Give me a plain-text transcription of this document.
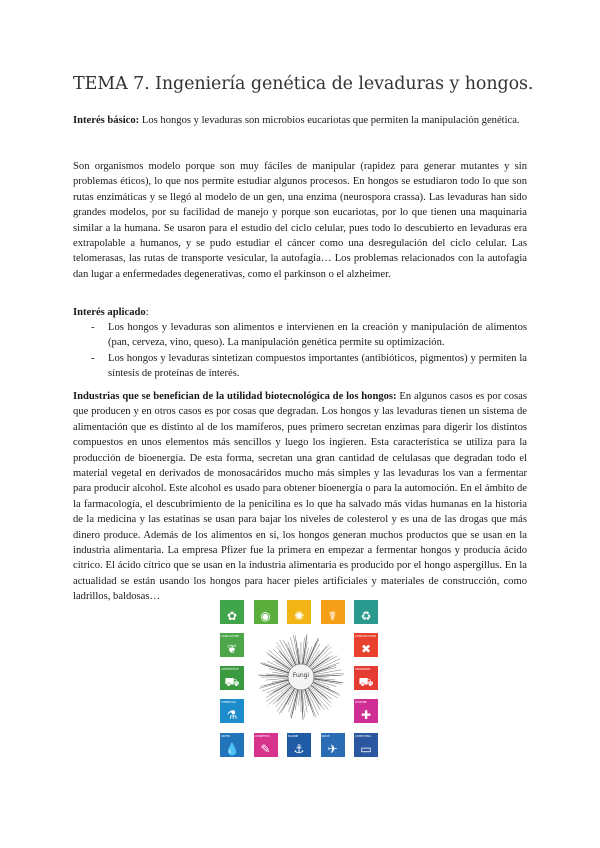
TEMA 7. Ingeniería genética de levaduras y hongos.

Interés básico: Los hongos y levaduras son microbios eucariotas que permiten la manipulación genética.

Son organismos modelo porque son muy fáciles de manipular (rapidez para generar mutantes y sin problemas éticos), lo que nos permite estudiar algunos procesos. En hongos se estudiaron todo lo que son rutas enzimáticas y se llegó al modelo de un gen, una enzima (neurospora crassa). Las levaduras han sido grandes modelos, por su facilidad de manejo y porque son eucariotas, por lo que tienen una maquinaria similar a la humana. Se usaron para el estudio del ciclo celular, pues todo lo descubierto en levaduras era extrapolable a humanos, y se pudo estudiar el cáncer como una desregulación del ciclo celular. Las telomerasas, las rutas de transporte vesicular, la autofagia… Los problemas relacionados con la autofagia dan lugar a enfermedades degenerativas, como el parkinson o el alzheimer.

Interés aplicado:

- Los hongos y levaduras son alimentos e intervienen en la creación y manipulación de alimentos (pan, cerveza, vino, queso). La manipulación genética permite su optimización.
- Los hongos y levaduras sintetizan compuestos importantes (antibióticos, pigmentos) y permiten la síntesis de proteínas de interés.

Industrias que se benefician de la utilidad biotecnológica de los hongos: En algunos casos es por cosas que producen y en otros casos es por cosas que degradan. Los hongos y las levaduras tienen un sistema de alimentación que es distinto al de los mamíferos, pues primero secretan enzimas para digerir los distintos compuestos en unos elementos más sencillos y luego los ingieren. Esta característica se utiliza para la producción de bioenergía. De esta forma, secretan una gran cantidad de celulasas que degradan todo el material vegetal en derivados de monosacáridos mucho más simples y las levaduras los van a fermentar para producir alcohol. Este alcohol es usado para obtener bioenergía o para la automoción. En el ámbito de la farmacología, el descubrimiento de la penicilina es lo que ha salvado más vidas humanas en la historia de la medicina y las estatinas se usan para bajar los niveles de colesterol y es una de las drogas que más dinero produce. Además de los alimentos en sí, los hongos generan muchos productos que se usan en la industria alimentaria. La empresa Pfizer fue la primera en empezar a fermentar hongos y producía ácido cítrico. El ácido cítrico que se usan en la industria alimentaria es producido por el hongo aspergillus. En la actualidad se están usando los hongos para hacer pieles artificiales y materiales de construcción, como ladrillos, baldosas…

Fungi
✿	◉	✺	☤	♻
AGRICULTURE
❦
CONSTRUCTION
✖
AUTOMOTIVE
⛟
TRANSPORT
⛟
CHEMICALS
⚗
HYGIENE
✚
WATER
💧
COSMETICS
✎
MARINE
⚓
SPACE
✈
COMPUTING
▭
